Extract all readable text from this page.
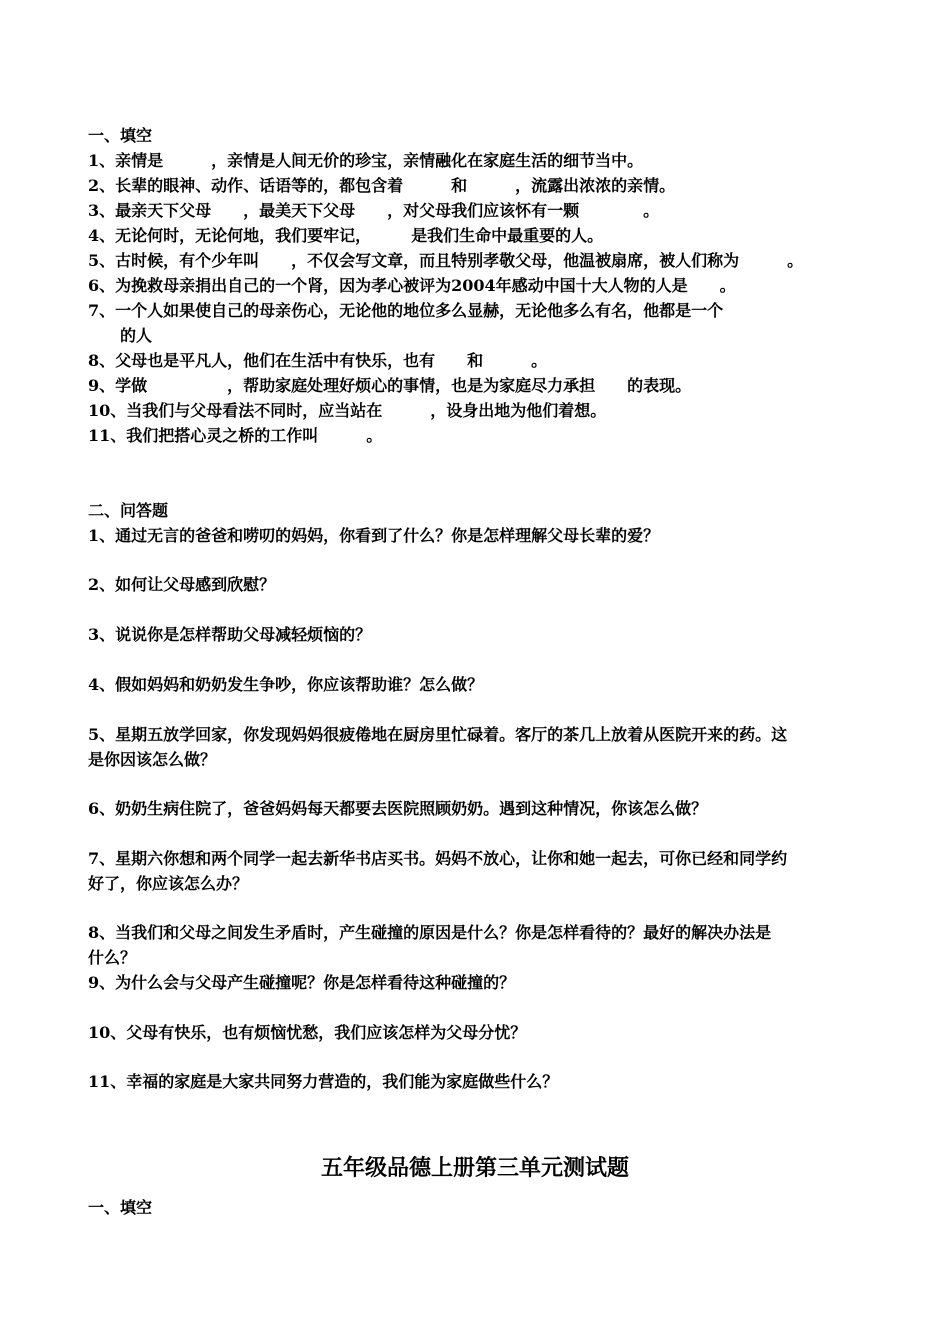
一、填空
1、亲情是　　　，亲情是人间无价的珍宝，亲情融化在家庭生活的细节当中。
2、长辈的眼神、动作、话语等的，都包含着　　　和　　　，流露出浓浓的亲情。
3、最亲天下父母　　，最美天下父母　　，对父母我们应该怀有一颗　　　　。
4、无论何时，无论何地，我们要牢记，　　　是我们生命中最重要的人。
5、古时候，有个少年叫　　，不仅会写文章，而且特别孝敬父母，他温被扇席，被人们称为　　　。
6、为挽救母亲捐出自己的一个肾，因为孝心被评为2004年感动中国十大人物的人是　　。
7、一个人如果使自己的母亲伤心，无论他的地位多么显赫，无论他多么有名，他都是一个
　　的人
8、父母也是平凡人，他们在生活中有快乐，也有　　和　　　。
9、学做　　　　　，帮助家庭处理好烦心的事情，也是为家庭尽力承担　　的表现。
10、当我们与父母看法不同时，应当站在　　　，设身出地为他们着想。
11、我们把搭心灵之桥的工作叫　　　。
二、问答题
1、通过无言的爸爸和唠叨的妈妈，你看到了什么？你是怎样理解父母长辈的爱？
2、如何让父母感到欣慰？
3、说说你是怎样帮助父母减轻烦恼的？
4、假如妈妈和奶奶发生争吵，你应该帮助谁？怎么做？
5、星期五放学回家，你发现妈妈很疲倦地在厨房里忙碌着。客厅的茶几上放着从医院开来的药。这
是你因该怎么做？
6、奶奶生病住院了，爸爸妈妈每天都要去医院照顾奶奶。遇到这种情况，你该怎么做？
7、星期六你想和两个同学一起去新华书店买书。妈妈不放心，让你和她一起去，可你已经和同学约
好了，你应该怎么办？
8、当我们和父母之间发生矛盾时，产生碰撞的原因是什么？你是怎样看待的？最好的解决办法是
什么？
9、为什么会与父母产生碰撞呢？你是怎样看待这种碰撞的？
10、父母有快乐，也有烦恼忧愁，我们应该怎样为父母分忧？
11、幸福的家庭是大家共同努力营造的，我们能为家庭做些什么？
五年级品德上册第三单元测试题
一、填空
